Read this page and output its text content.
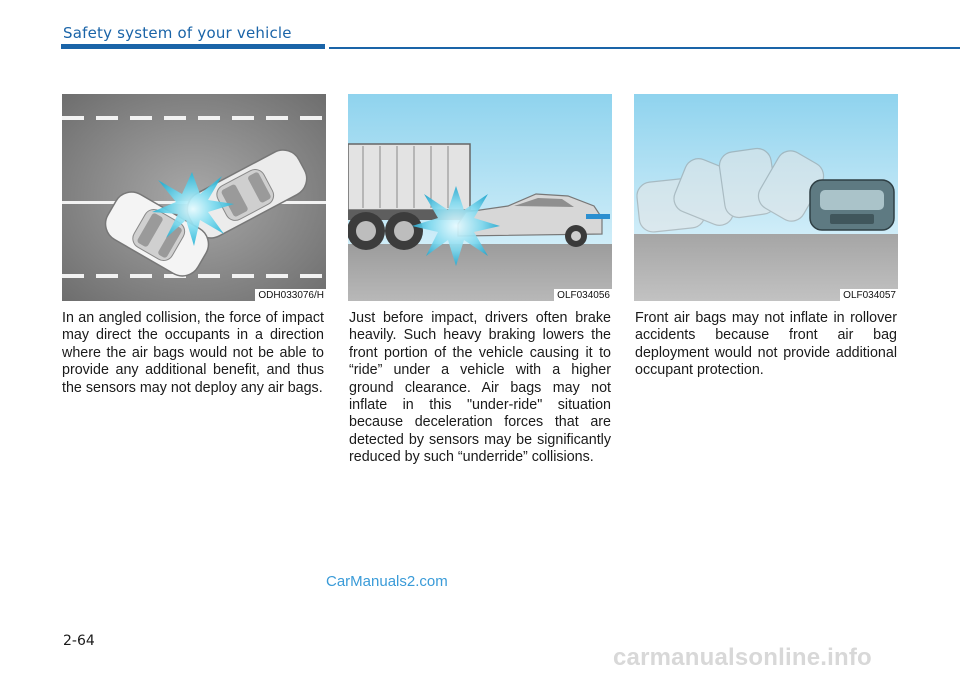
Safety system of your vehicle
ODH033076/H	OLF034056	OLF034057
In an angled collision, the force of impact may direct the occupants in a direction where the air bags would not be able to provide any additional benefit, and thus the sensors may not deploy any air bags.
Just before impact, drivers often brake heavily. Such heavy braking lowers the front portion of the vehicle causing it to “ride” under a vehicle with a higher ground clearance. Air bags may not inflate in this "under-ride" situation because deceleration forces that are detected by sensors may be significantly reduced by such “underride” collisions.
Front air bags may not inflate in rollover accidents because front air bag deployment would not provide additional occupant protection.
CarManuals2.com
2-64
carmanualsonline.info
